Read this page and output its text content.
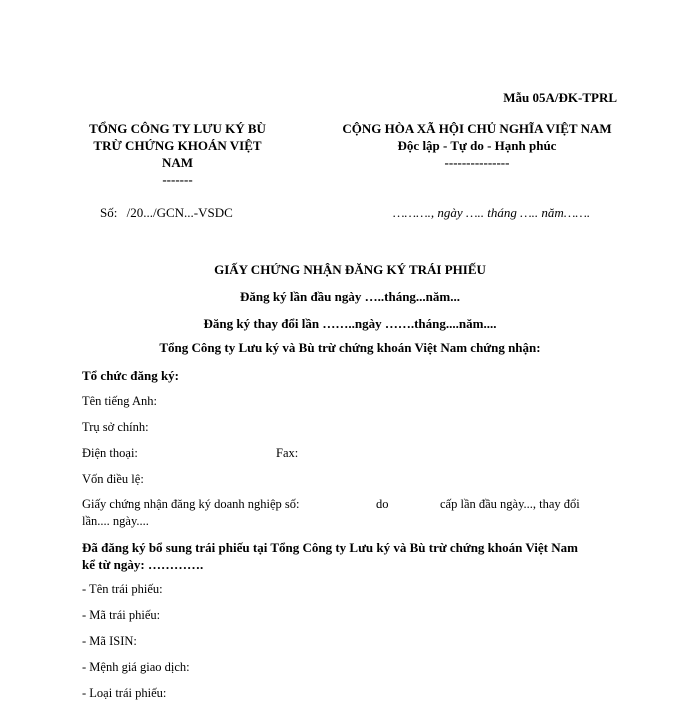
Mẫu 05A/ĐK-TPRL
TỔNG CÔNG TY LƯU KÝ BÙ
TRỪ CHỨNG KHOÁN VIỆT
NAM
-------
CỘNG HÒA XÃ HỘI CHỦ NGHĨA VIỆT NAM
Độc lập - Tự do - Hạnh phúc
---------------
Số: /20.../GCN...-VSDC	………., ngày ….. tháng ….. năm…….
GIẤY CHỨNG NHẬN ĐĂNG KÝ TRÁI PHIẾU
Đăng ký lần đầu ngày …..tháng...năm...
Đăng ký thay đổi lần ……..ngày …….tháng....năm....
Tổng Công ty Lưu ký và Bù trừ chứng khoán Việt Nam chứng nhận:
Tổ chức đăng ký:
Tên tiếng Anh:
Trụ sở chính:
Điện thoại:	Fax:
Vốn điều lệ:
Giấy chứng nhận đăng ký doanh nghiệp số:	do	cấp lần đầu ngày..., thay đổi
lần.... ngày....
Đã đăng ký bổ sung trái phiếu tại Tổng Công ty Lưu ký và Bù trừ chứng khoán Việt Nam
kể từ ngày: ………….
- Tên trái phiếu:
- Mã trái phiếu:
- Mã ISIN:
- Mệnh giá giao dịch:
- Loại trái phiếu:
